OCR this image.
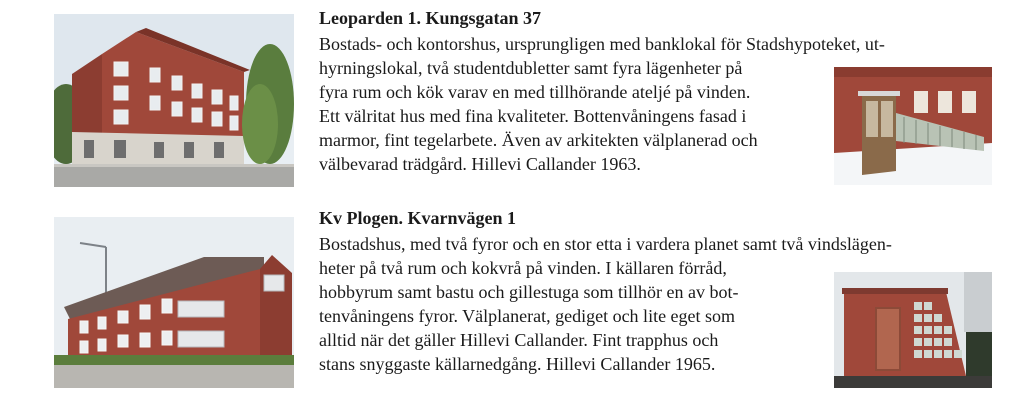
Leoparden 1. Kungsgatan 37
Bostads- och kontorshus, ursprungligen med banklokal för Stadshypoteket, ut-
hyrningslokal, två studentdubletter samt fyra lägenheter på
fyra rum och kök varav en med tillhörande ateljé på vinden.
Ett välritat hus med fina kvaliteter. Bottenvåningens fasad i
marmor, fint tegelarbete. Även av arkitekten välplanerad och
välbevarad trädgård. Hillevi Callander 1963.
Kv Plogen. Kvarnvägen 1
Bostadshus, med två fyror och en stor etta i vardera planet samt två vindslägen-
heter på två rum och kokvrå på vinden. I källaren förråd,
hobbyrum samt bastu och gillestuga som tillhör en av bot-
tenvåningens fyror. Välplanerat, gediget och lite eget som
alltid när det gäller Hillevi Callander. Fint trapphus och
stans snyggaste källarnedgång. Hillevi Callander 1965.
